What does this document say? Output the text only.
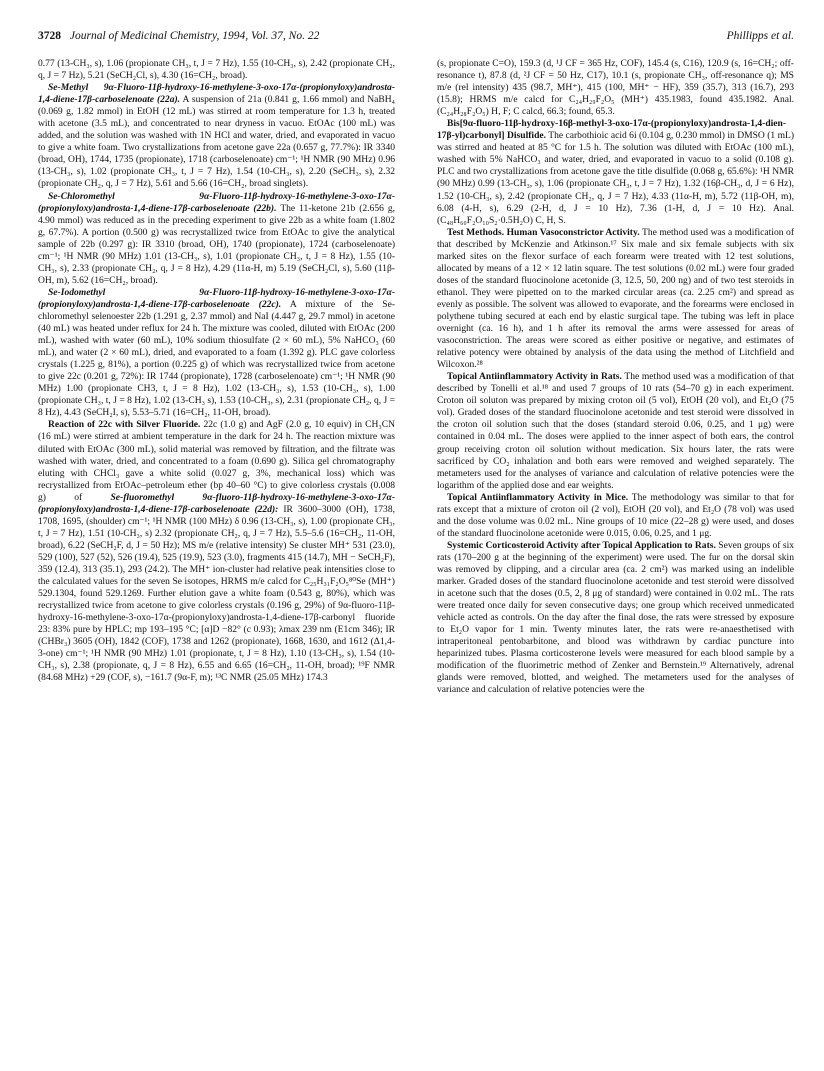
3728 Journal of Medicinal Chemistry, 1994, Vol. 37, No. 22	Phillipps et al.

0.77 (13-CH₃, s), 1.06 (propionate CH₃, t, J = 7 Hz), 1.55 (10-CH₃, s), 2.42 (propionate CH₂, q, J = 7 Hz), 5.21 (SeCH₂Cl, s), 4.30 (16=CH₂, broad).

Se-Methyl 9α-Fluoro-11β-hydroxy-16-methylene-3-oxo-17α-(propionyloxy)androsta-1,4-diene-17β-carboselenoate (22a). A suspension of 21a (0.841 g, 1.66 mmol) and NaBH₄ (0.069 g, 1.82 mmol) in EtOH (12 mL) was stirred at room temperature for 1.3 h, treated with acetone (3.5 mL), and concentrated to near dryness in vacuo. EtOAc (100 mL) was added, and the solution was washed with 1N HCl and water, dried, and evaporated in vacuo to give a white foam. Two crystallizations from acetone gave 22a (0.657 g, 77.7%): IR 3340 (broad, OH), 1744, 1735 (propionate), 1718 (carboselenoate) cm⁻¹; ¹H NMR (90 MHz) 0.96 (13-CH₃, s), 1.02 (propionate CH₃, t, J = 7 Hz), 1.54 (10-CH₃, s), 2.20 (SeCH₃, s), 2.32 (propionate CH₂, q, J = 7 Hz), 5.61 and 5.66 (16=CH₂, broad singlets).

Se-Chloromethyl 9α-Fluoro-11β-hydroxy-16-methylene-3-oxo-17α-(propionyloxy)androsta-1,4-diene-17β-carboselenoate (22b). The 11-ketone 21b (2.656 g, 4.90 mmol) was reduced as in the preceding experiment to give 22b as a white foam (1.802 g, 67.7%). A portion (0.500 g) was recrystallized twice from EtOAc to give the analytical sample of 22b (0.297 g): IR 3310 (broad, OH), 1740 (propionate), 1724 (carboselenoate) cm⁻¹; ¹H NMR (90 MHz) 1.01 (13-CH₃, s), 1.01 (propionate CH₃, t, J = 8 Hz), 1.55 (10-CH₃, s), 2.33 (propionate CH₂, q, J = 8 Hz), 4.29 (11α-H, m) 5.19 (SeCH₂Cl, s), 5.60 (11β-OH, m), 5.62 (16=CH₂, broad).

Se-Iodomethyl 9α-Fluoro-11β-hydroxy-16-methylene-3-oxo-17α-(propionyloxy)androsta-1,4-diene-17β-carboselenoate (22c). A mixture of the Se-chloromethyl selenoester 22b (1.291 g, 2.37 mmol) and NaI (4.447 g, 29.7 mmol) in acetone (40 mL) was heated under reflux for 24 h. The mixture was cooled, diluted with EtOAc (200 mL), washed with water (60 mL), 10% sodium thiosulfate (2 × 60 mL), 5% NaHCO₃ (60 mL), and water (2 × 60 mL), dried, and evaporated to a foam (1.392 g). PLC gave colorless crystals (1.225 g, 81%), a portion (0.225 g) of which was recrystallized twice from acetone to give 22c (0.201 g, 72%): IR 1744 (propionate), 1728 (carboselenoate) cm⁻¹; ¹H NMR (90 MHz) 1.00 (propionate CH3, t, J = 8 Hz), 1.02 (13-CH₃, s), 1.53 (10-CH₃, s), 1.00 (propionate CH₃, t, J = 8 Hz), 1.02 (13-CH₃ s), 1.53 (10-CH₃, s), 2.31 (propionate CH₂, q, J = 8 Hz), 4.43 (SeCH₂I, s), 5.53–5.71 (16=CH₂, 11-OH, broad).

Reaction of 22c with Silver Fluoride. 22c (1.0 g) and AgF (2.0 g, 10 equiv) in CH₃CN (16 mL) were stirred at ambient temperature in the dark for 24 h. The reaction mixture was diluted with EtOAc (300 mL), solid material was removed by filtration, and the filtrate was washed with water, dried, and concentrated to a foam (0.690 g). Silica gel chromatography eluting with CHCl₃ gave a white solid (0.027 g, 3%, mechanical loss) which was recrystallized from EtOAc–petroleum ether (bp 40–60 °C) to give colorless crystals (0.008 g) of	Se-fluoromethyl 9α-fluoro-11β-hydroxy-16-methylene-3-oxo-17α-(propionyloxy)androsta-1,4-diene-17β-carboselenoate (22d): IR 3600–3000 (OH), 1738, 1708, 1695, (shoulder) cm⁻¹; ¹H NMR (100 MHz) δ 0.96 (13-CH₃, s), 1.00 (propionate CH₃, t, J = 7 Hz), 1.51 (10-CH₃, s) 2.32 (propionate CH₂, q, J = 7 Hz), 5.5–5.6 (16=CH₂, 11-OH, broad), 6.22 (SeCH₂F, d, J = 50 Hz); MS m/e (relative intensity) Se cluster MH⁺ 531 (23.0), 529 (100), 527 (52), 526 (19.4), 525 (19.9), 523 (3.0), fragments 415 (14.7), MH − SeCH₂F), 359 (12.4), 313 (35.1), 293 (24.2). The MH⁺ ion-cluster had relative peak intensities close to the calculated values for the seven Se isotopes, HRMS m/e calcd for C₂₅H₃₁F₂O₅⁸⁰Se (MH⁺) 529.1304, found 529.1269. Further elution gave a white foam (0.543 g, 80%), which was recrystallized twice from acetone to give colorless crystals (0.196 g, 29%) of 9α-fluoro-11β-hydroxy-16-methylene-3-oxo-17α-(propionyloxy)androsta-1,4-diene-17β-carbonyl fluoride 23: 83% pure by HPLC; mp 193–195 °C; [α]D −82° (c 0.93); λmax 239 nm (E1cm 346); IR (CHBr₃) 3605 (OH), 1842 (COF), 1738 and 1262 (propionate), 1668, 1630, and 1612 (Δ1,4-3-one) cm⁻¹; ¹H NMR (90 MHz) 1.01 (propionate, t, J = 8 Hz), 1.10 (13-CH₃, s), 1.54 (10-CH₃, s), 2.38 (propionate, q, J = 8 Hz), 6.55 and 6.65 (16=CH₂, 11-OH, broad); ¹⁹F NMR (84.68 MHz) +29 (COF, s), −161.7 (9α-F, m); ¹³C NMR (25.05 MHz) 174.3

(s, propionate C=O), 159.3 (d, ¹J CF = 365 Hz, COF), 145.4 (s, C16), 120.9 (s, 16=CH₂; off-resonance t), 87.8 (d, ²J CF = 50 Hz, C17), 10.1 (s, propionate CH₃, off-resonance q); MS m/e (rel intensity) 435 (98.7, MH⁺), 415 (100, MH⁺ − HF), 359 (35.7), 313 (16.7), 293 (15.8); HRMS m/e calcd for C₂₄H₂₉F₂O₅ (MH⁺) 435.1983, found 435.1982. Anal. (C₂₄H₂₈F₂O₅) H, F; C calcd, 66.3; found, 65.3.

Bis[9α-fluoro-11β-hydroxy-16β-methyl-3-oxo-17α-(propionyloxy)androsta-1,4-dien-17β-yl)carbonyl] Disulfide. The carbothioic acid 6i (0.104 g, 0.230 mmol) in DMSO (1 mL) was stirred and heated at 85 °C for 1.5 h. The solution was diluted with EtOAc (100 mL), washed with 5% NaHCO₃ and water, dried, and evaporated in vacuo to a solid (0.108 g). PLC and two crystallizations from acetone gave the title disulfide (0.068 g, 65.6%): ¹H NMR (90 MHz) 0.99 (13-CH₃, s), 1.06 (propionate CH₃, t, J = 7 Hz), 1.32 (16β-CH₃, d, J = 6 Hz), 1.52 (10-CH₃, s), 2.42 (propionate CH₂, q, J = 7 Hz), 4.33 (11α-H, m), 5.72 (11β-OH, m), 6.08 (4-H, s), 6.29 (2-H, d, J = 10 Hz), 7.36 (1-H, d, J = 10 Hz). Anal. (C₄₈H₆₀F₂O₁₀S₂·0.5H₂O) C, H, S.

Test Methods. Human Vasoconstrictor Activity. The method used was a modification of that described by McKenzie and Atkinson.¹⁷ Six male and six female subjects with six marked sites on the flexor surface of each forearm were treated with 12 test solutions, allocated by means of a 12 × 12 latin square. The test solutions (0.02 mL) were four graded doses of the standard fluocinolone acetonide (3, 12.5, 50, 200 ng) and of two test steroids in ethanol. They were pipetted on to the marked circular areas (ca. 2.25 cm²) and spread as evenly as possible. The solvent was allowed to evaporate, and the forearms were enclosed in polythene tubing secured at each end by elastic surgical tape. The tubing was left in place overnight (ca. 16 h), and 1 h after its removal the arms were assessed for areas of vasoconstriction. The areas were scored as either positive or negative, and estimates of relative potency were obtained by analysis of the data using the method of Litchfield and Wilcoxon.²⁸

Topical Antiinflammatory Activity in Rats. The method used was a modification of that described by Tonelli et al.¹⁸ and used 7 groups of 10 rats (54–70 g) in each experiment. Croton oil soluton was prepared by mixing croton oil (5 vol), EtOH (20 vol), and Et₂O (75 vol). Graded doses of the standard fluocinolone acetonide and test steroid were dissolved in the croton oil solution such that the doses (standard steroid 0.06, 0.25, and 1 μg) were contained in 0.04 mL. The doses were applied to the inner aspect of both ears, the control group receiving croton oil solution without medication. Six hours later, the rats were sacrificed by CO₂ inhalation and both ears were removed and weighed separately. The metameters used for the analyses of variance and calculation of relative potencies were the logarithm of the applied dose and ear weights.

Topical Antiinflammatory Activity in Mice. The methodology was similar to that for rats except that a mixture of croton oil (2 vol), EtOH (20 vol), and Et₂O (78 vol) was used and the dose volume was 0.02 mL. Nine groups of 10 mice (22–28 g) were used, and doses of the standard fluocinolone acetonide were 0.015, 0.06, 0.25, and 1 μg.

Systemic Corticosteroid Activity after Topical Application to Rats. Seven groups of six rats (170–200 g at the beginning of the experiment) were used. The fur on the dorsal skin was removed by clipping, and a circular area (ca. 2 cm²) was marked using an indelible marker. Graded doses of the standard fluocinolone acetonide and test steroid were dissolved in acetone such that the doses (0.5, 2, 8 μg of standard) were contained in 0.02 mL. The rats were treated once daily for seven consecutive days; one group which received unmedicated vehicle acted as controls. On the day after the final dose, the rats were stressed by exposure to Et₂O vapor for 1 min. Twenty minutes later, the rats were re-anaesthetised with intraperitoneal pentobarbitone, and blood was withdrawn by cardiac puncture into heparinized tubes. Plasma corticosterone levels were measured for each blood sample by a modification of the fluorimetric method of Zenker and Bernstein.¹⁹ Alternatively, adrenal glands were removed, blotted, and weighed. The metameters used for the analyses of variance and calculation of relative potencies were the
